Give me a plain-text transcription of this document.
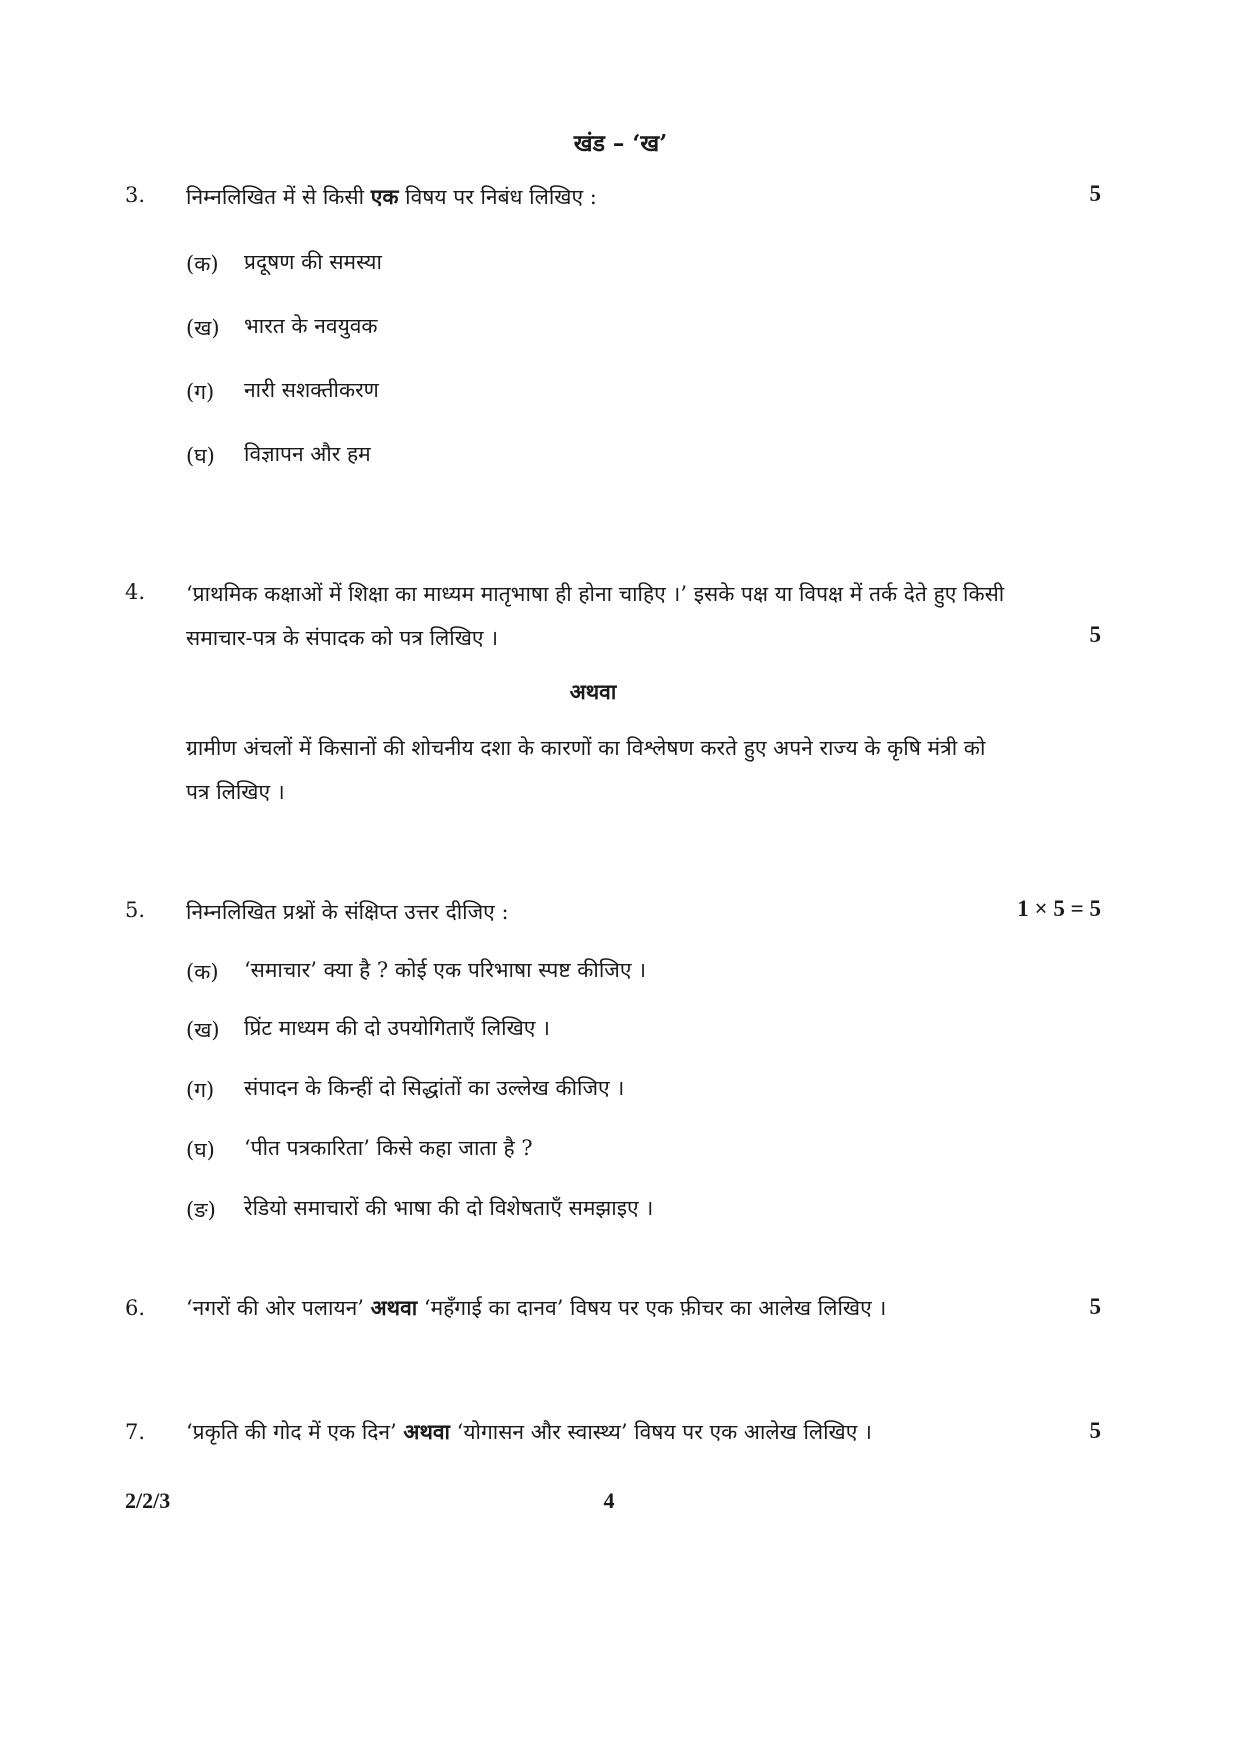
खंड – ‘ख’
3. निम्नलिखित में से किसी एक विषय पर निबंध लिखिए :	5
(क) प्रदूषण की समस्या
(ख) भारत के नवयुवक
(ग) नारी सशक्तीकरण
(घ) विज्ञापन और हम
4. ‘प्राथमिक कक्षाओं में शिक्षा का माध्यम मातृभाषा ही होना चाहिए ।’ इसके पक्ष या विपक्ष में तर्क देते हुए किसी
समाचार-पत्र के संपादक को पत्र लिखिए ।	5
अथवा
ग्रामीण अंचलों में किसानों की शोचनीय दशा के कारणों का विश्लेषण करते हुए अपने राज्य के कृषि मंत्री को
पत्र लिखिए ।
5. निम्नलिखित प्रश्नों के संक्षिप्त उत्तर दीजिए :	1 × 5 = 5
(क) ‘समाचार’ क्या है ? कोई एक परिभाषा स्पष्ट कीजिए ।
(ख) प्रिंट माध्यम की दो उपयोगिताएँ लिखिए ।
(ग) संपादन के किन्हीं दो सिद्धांतों का उल्लेख कीजिए ।
(घ) ‘पीत पत्रकारिता’ किसे कहा जाता है ?
(ङ) रेडियो समाचारों की भाषा की दो विशेषताएँ समझाइए ।
6. ‘नगरों की ओर पलायन’ अथवा ‘महँगाई का दानव’ विषय पर एक फ़ीचर का आलेख लिखिए ।	5
7. ‘प्रकृति की गोद में एक दिन’ अथवा ‘योगासन और स्वास्थ्य’ विषय पर एक आलेख लिखिए ।	5
2/2/3	4
